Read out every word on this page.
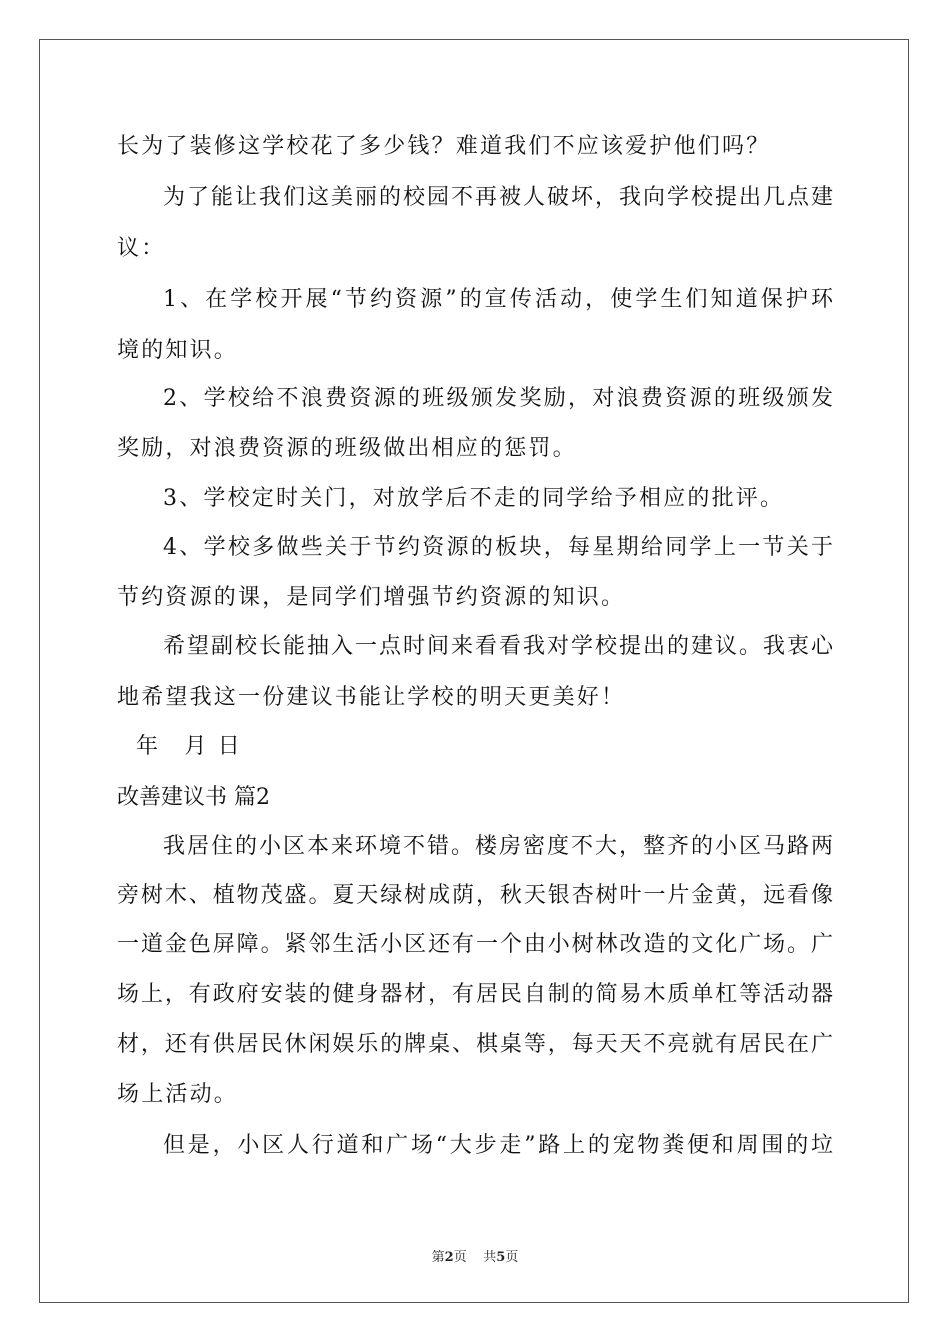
长为了装修这学校花了多少钱？难道我们不应该爱护他们吗？
为了能让我们这美丽的校园不再被人破坏，我向学校提出几点建
议：
1、在学校开展“节约资源”的宣传活动，使学生们知道保护环
境的知识。
2、学校给不浪费资源的班级颁发奖励，对浪费资源的班级颁发
奖励，对浪费资源的班级做出相应的惩罚。
3、学校定时关门，对放学后不走的同学给予相应的批评。
4、学校多做些关于节约资源的板块，每星期给同学上一节关于
节约资源的课，是同学们增强节约资源的知识。
希望副校长能抽入一点时间来看看我对学校提出的建议。我衷心
地希望我这一份建议书能让学校的明天更美好！
年　月 日
改善建议书 篇2
我居住的小区本来环境不错。楼房密度不大，整齐的小区马路两
旁树木、植物茂盛。夏天绿树成荫，秋天银杏树叶一片金黄，远看像
一道金色屏障。紧邻生活小区还有一个由小树林改造的文化广场。广
场上，有政府安装的健身器材，有居民自制的简易木质单杠等活动器
材，还有供居民休闲娱乐的牌桌、棋桌等，每天天不亮就有居民在广
场上活动。
但是，小区人行道和广场“大步走”路上的宠物粪便和周围的垃
第2页 共5页
